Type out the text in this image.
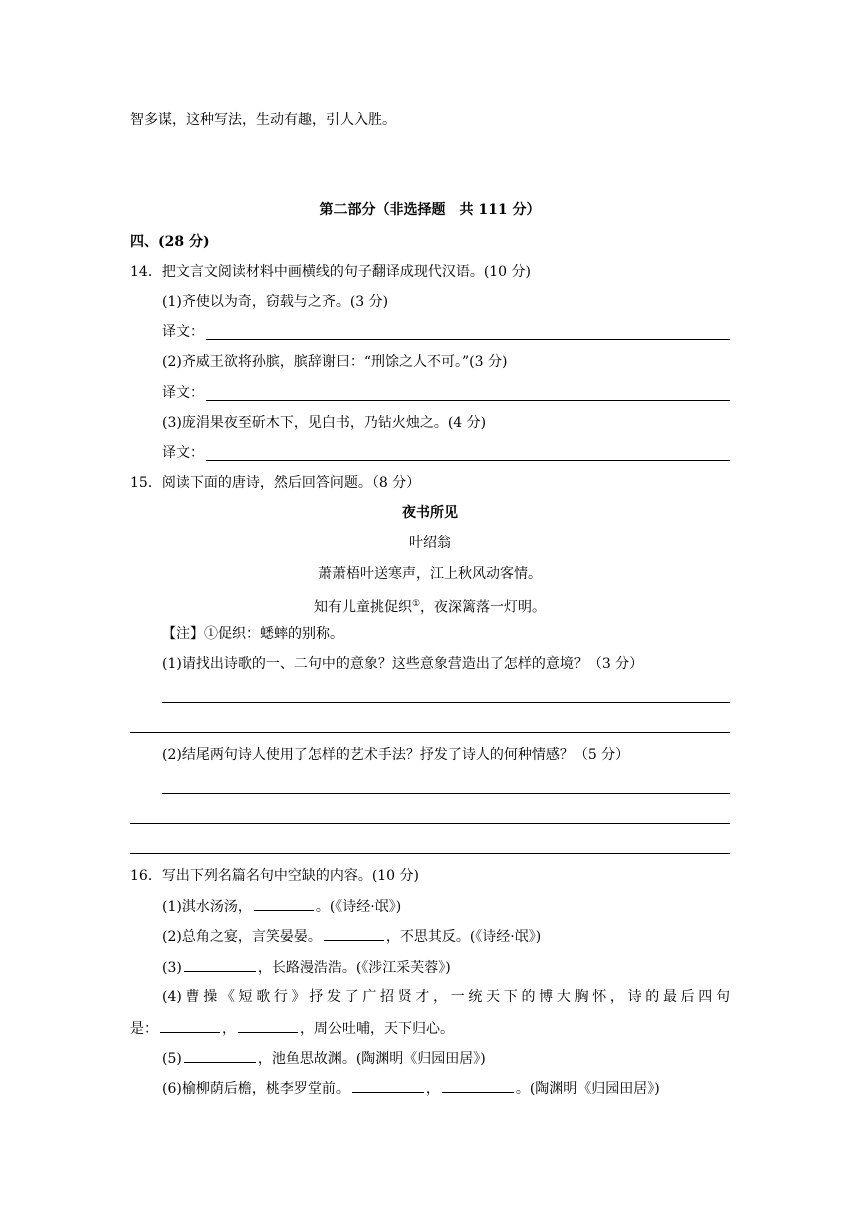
智多谋，这种写法，生动有趣，引人入胜。
第二部分（非选择题　共 111 分）
四、(28 分)
14．把文言文阅读材料中画横线的句子翻译成现代汉语。(10 分)
(1)齐使以为奇，窃载与之齐。(3 分)
译文：
(2)齐威王欲将孙膑，膑辞谢曰：“刑馀之人不可。”(3 分)
译文：
(3)庞涓果夜至斫木下，见白书，乃钻火烛之。(4 分)
译文：
15．阅读下面的唐诗，然后回答问题。（8 分）
夜书所见
叶绍翁
萧萧梧叶送寒声，江上秋风动客情。
知有儿童挑促织①，夜深篱落一灯明。
【注】①促织：蟋蟀的别称。
(1)请找出诗歌的一、二句中的意象？这些意象营造出了怎样的意境？（3 分）
(2)结尾两句诗人使用了怎样的艺术手法？抒发了诗人的何种情感？（5 分）
16．写出下列名篇名句中空缺的内容。(10 分)
(1)淇水汤汤，	。(《诗经·氓》)
(2)总角之宴，言笑晏晏。	，不思其反。(《诗经·氓》)
(3)	，长路漫浩浩。(《涉江采芙蓉》)
(4)曹操《短歌行》抒发了广招贤才，一统天下的博大胸怀，诗的最后四句
是：	，	，周公吐哺，天下归心。
(5)	，池鱼思故渊。(陶渊明《归园田居》)
(6)榆柳荫后檐，桃李罗堂前。	，	。(陶渊明《归园田居》)
